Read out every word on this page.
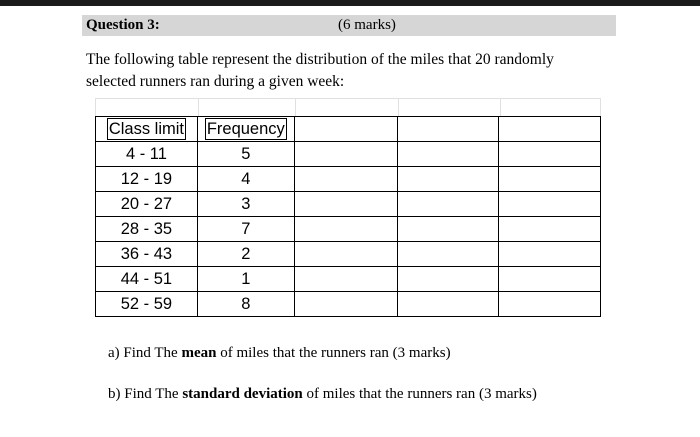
Question 3:	(6 marks)
The following table represent the distribution of the miles that 20 randomly
selected runners ran during a given week:
Class limit	Frequency			
4 - 11	5			
12 - 19	4			
20 - 27	3			
28 - 35	7			
36 - 43	2			
44 - 51	1			
52 - 59	8			
a) Find The mean of miles that the runners ran (3 marks)
b) Find The standard deviation of miles that the runners ran (3 marks)
